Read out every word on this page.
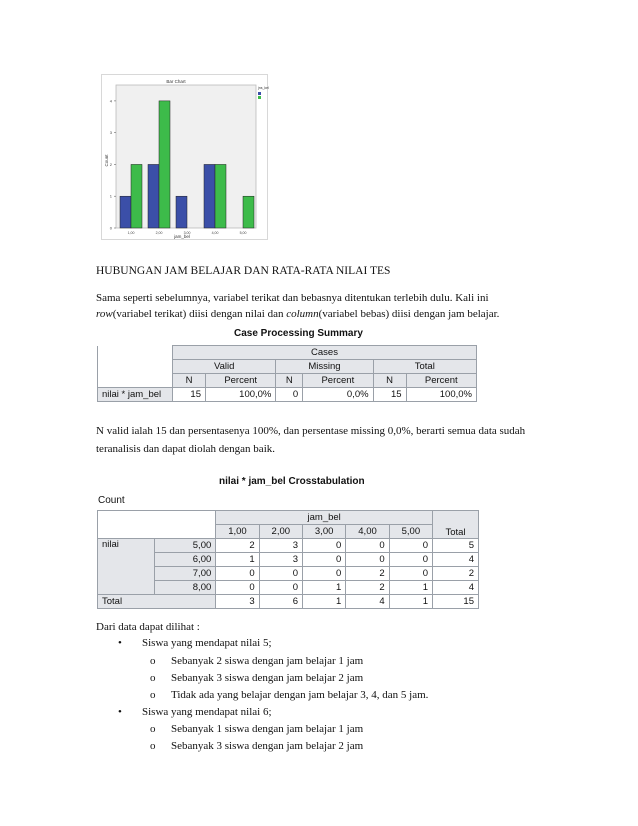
Bar Chart
0
1
2
3
4
Count
1,00	2,00	3,00	4,00	5,00
jam_bel
jns_kel
HUBUNGAN JAM BELAJAR DAN RATA-RATA NILAI TES
Sama seperti sebelumnya, variabel terikat dan bebasnya ditentukan terlebih dulu. Kali ini
row(variabel terikat) diisi dengan nilai dan column(variabel bebas) diisi dengan jam belajar.
Case Processing Summary
	Cases					
	Valid		Missing		Total	
	N	Percent	N	Percent	N	Percent
nilai * jam_bel	15	100,0%	0	0,0%	15	100,0%
N valid ialah 15 dan persentasenya 100%, dan persentase missing 0,0%, berarti semua data sudah
teranalisis dan dapat diolah dengan baik.
nilai * jam_bel Crosstabulation
Count
		jam_bel					Total
		1,00	2,00	3,00	4,00	5,00	
nilai	5,00	2	3	0	0	0	5
	6,00	1	3	0	0	0	4
	7,00	0	0	0	2	0	2
	8,00	0	0	1	2	1	4
Total		3	6	1	4	1	15
Dari data dapat dilihat :
• Siswa yang mendapat nilai 5;
o Sebanyak 2 siswa dengan jam belajar 1 jam
o Sebanyak 3 siswa dengan jam belajar 2 jam
o Tidak ada yang belajar dengan jam belajar 3, 4, dan 5 jam.
• Siswa yang mendapat nilai 6;
o Sebanyak 1 siswa dengan jam belajar 1 jam
o Sebanyak 3 siswa dengan jam belajar 2 jam
